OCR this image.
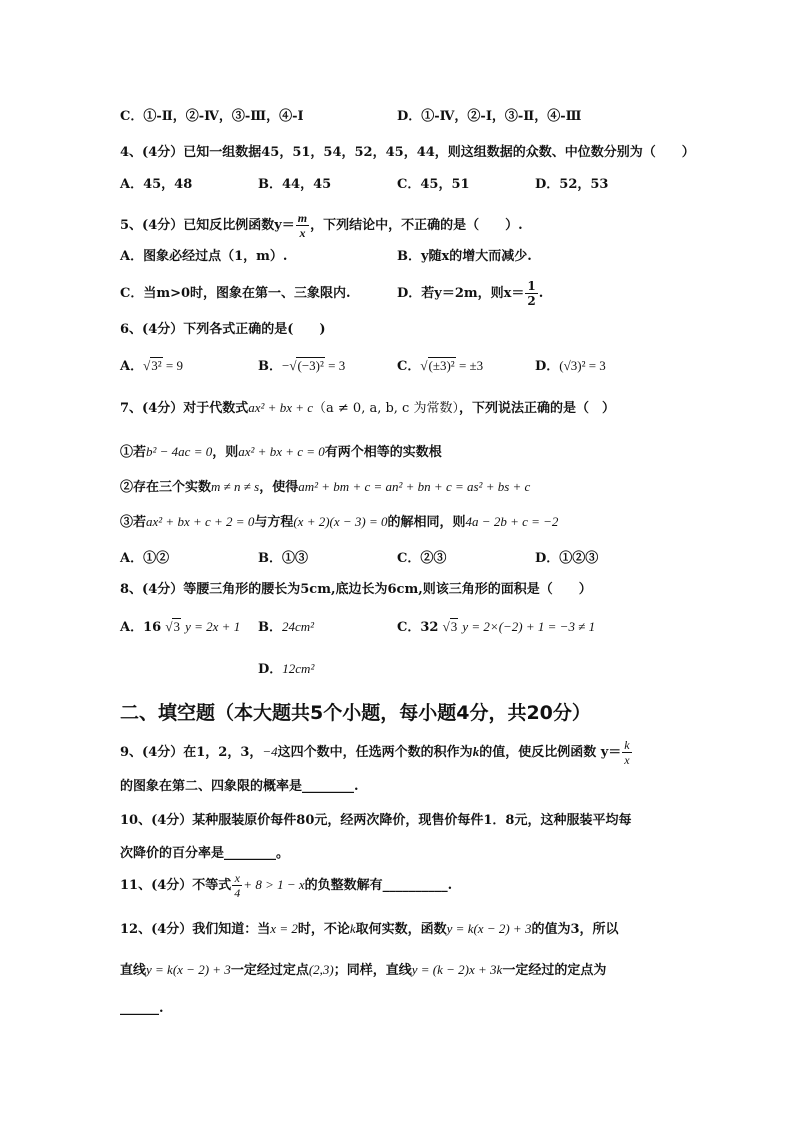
C．①-Ⅱ，②-Ⅳ，③-Ⅲ，④-Ⅰ	D．①-Ⅳ，②-Ⅰ，③-Ⅱ，④-Ⅲ
4、(4分）已知一组数据45，51，54，52，45，44，则这组数据的众数、中位数分别为（　　）
A．45，48	B．44，45	C．45，51	D．52，53
5、(4分）已知反比例函数$y= \frac{m}{x}$ ，下列结论中，不正确的是（　　）.
A．图象必经过点（1，m）.	B．y随x的增大而减少.
C．当m>0时，图象在第一、三象限内.	D．若y＝2m，则$x= \frac{1}{2}$ .
6、(4分）下列各式正确的是(　　)
A．√3² = 9	B．−√(−3)² = 3	C．√(±3)² = ±3	D．(√3)² = 3
7、(4分）对于代数式ax² + bx + c（a ≠ 0, a, b, c 为常数），下列说法正确的是（　）
①若b² − 4ac = 0，则ax² + bx + c = 0有两个相等的实数根
②存在三个实数m ≠ n ≠ s，使得am² + bm + c = an² + bn + c = as² + bs + c
③若ax² + bx + c + 2 = 0与方程(x + 2)(x − 3) = 0的解相同，则4a − 2b + c = −2
A．①②	B．①③	C．②③	D．①②③
8、(4分）等腰三角形的腰长为5cm,底边长为6cm,则该三角形的面积是（　　）
A．16 √3 y = 2x + 1 B．24cm²	C．32 √3 y = 2×(−2) + 1 = −3 ≠ 1
D．12cm²
二、填空题（本大题共5个小题，每小题4分，共20分）
9、(4分）在1，2，3，−4这四个数中，任选两个数的积作为k的值，使反比例函数 $y= \frac{k}{x}$
的图象在第二、四象限的概率是________.
10、(4分）某种服装原价每件80元，经两次降价，现售价每件1．8元，这种服装平均每
次降价的百分率是________。
11、(4分）不等式 $\frac{x}{4} + 8 > 1 - x$的负整数解有__________.
12、(4分）我们知道：当x = 2时，不论k取何实数，函数y = k(x − 2) + 3的值为3，所以
直线y = k(x − 2) + 3一定经过定点(2,3)；同样，直线y = (k − 2)x + 3k一定经过的定点为
______.
